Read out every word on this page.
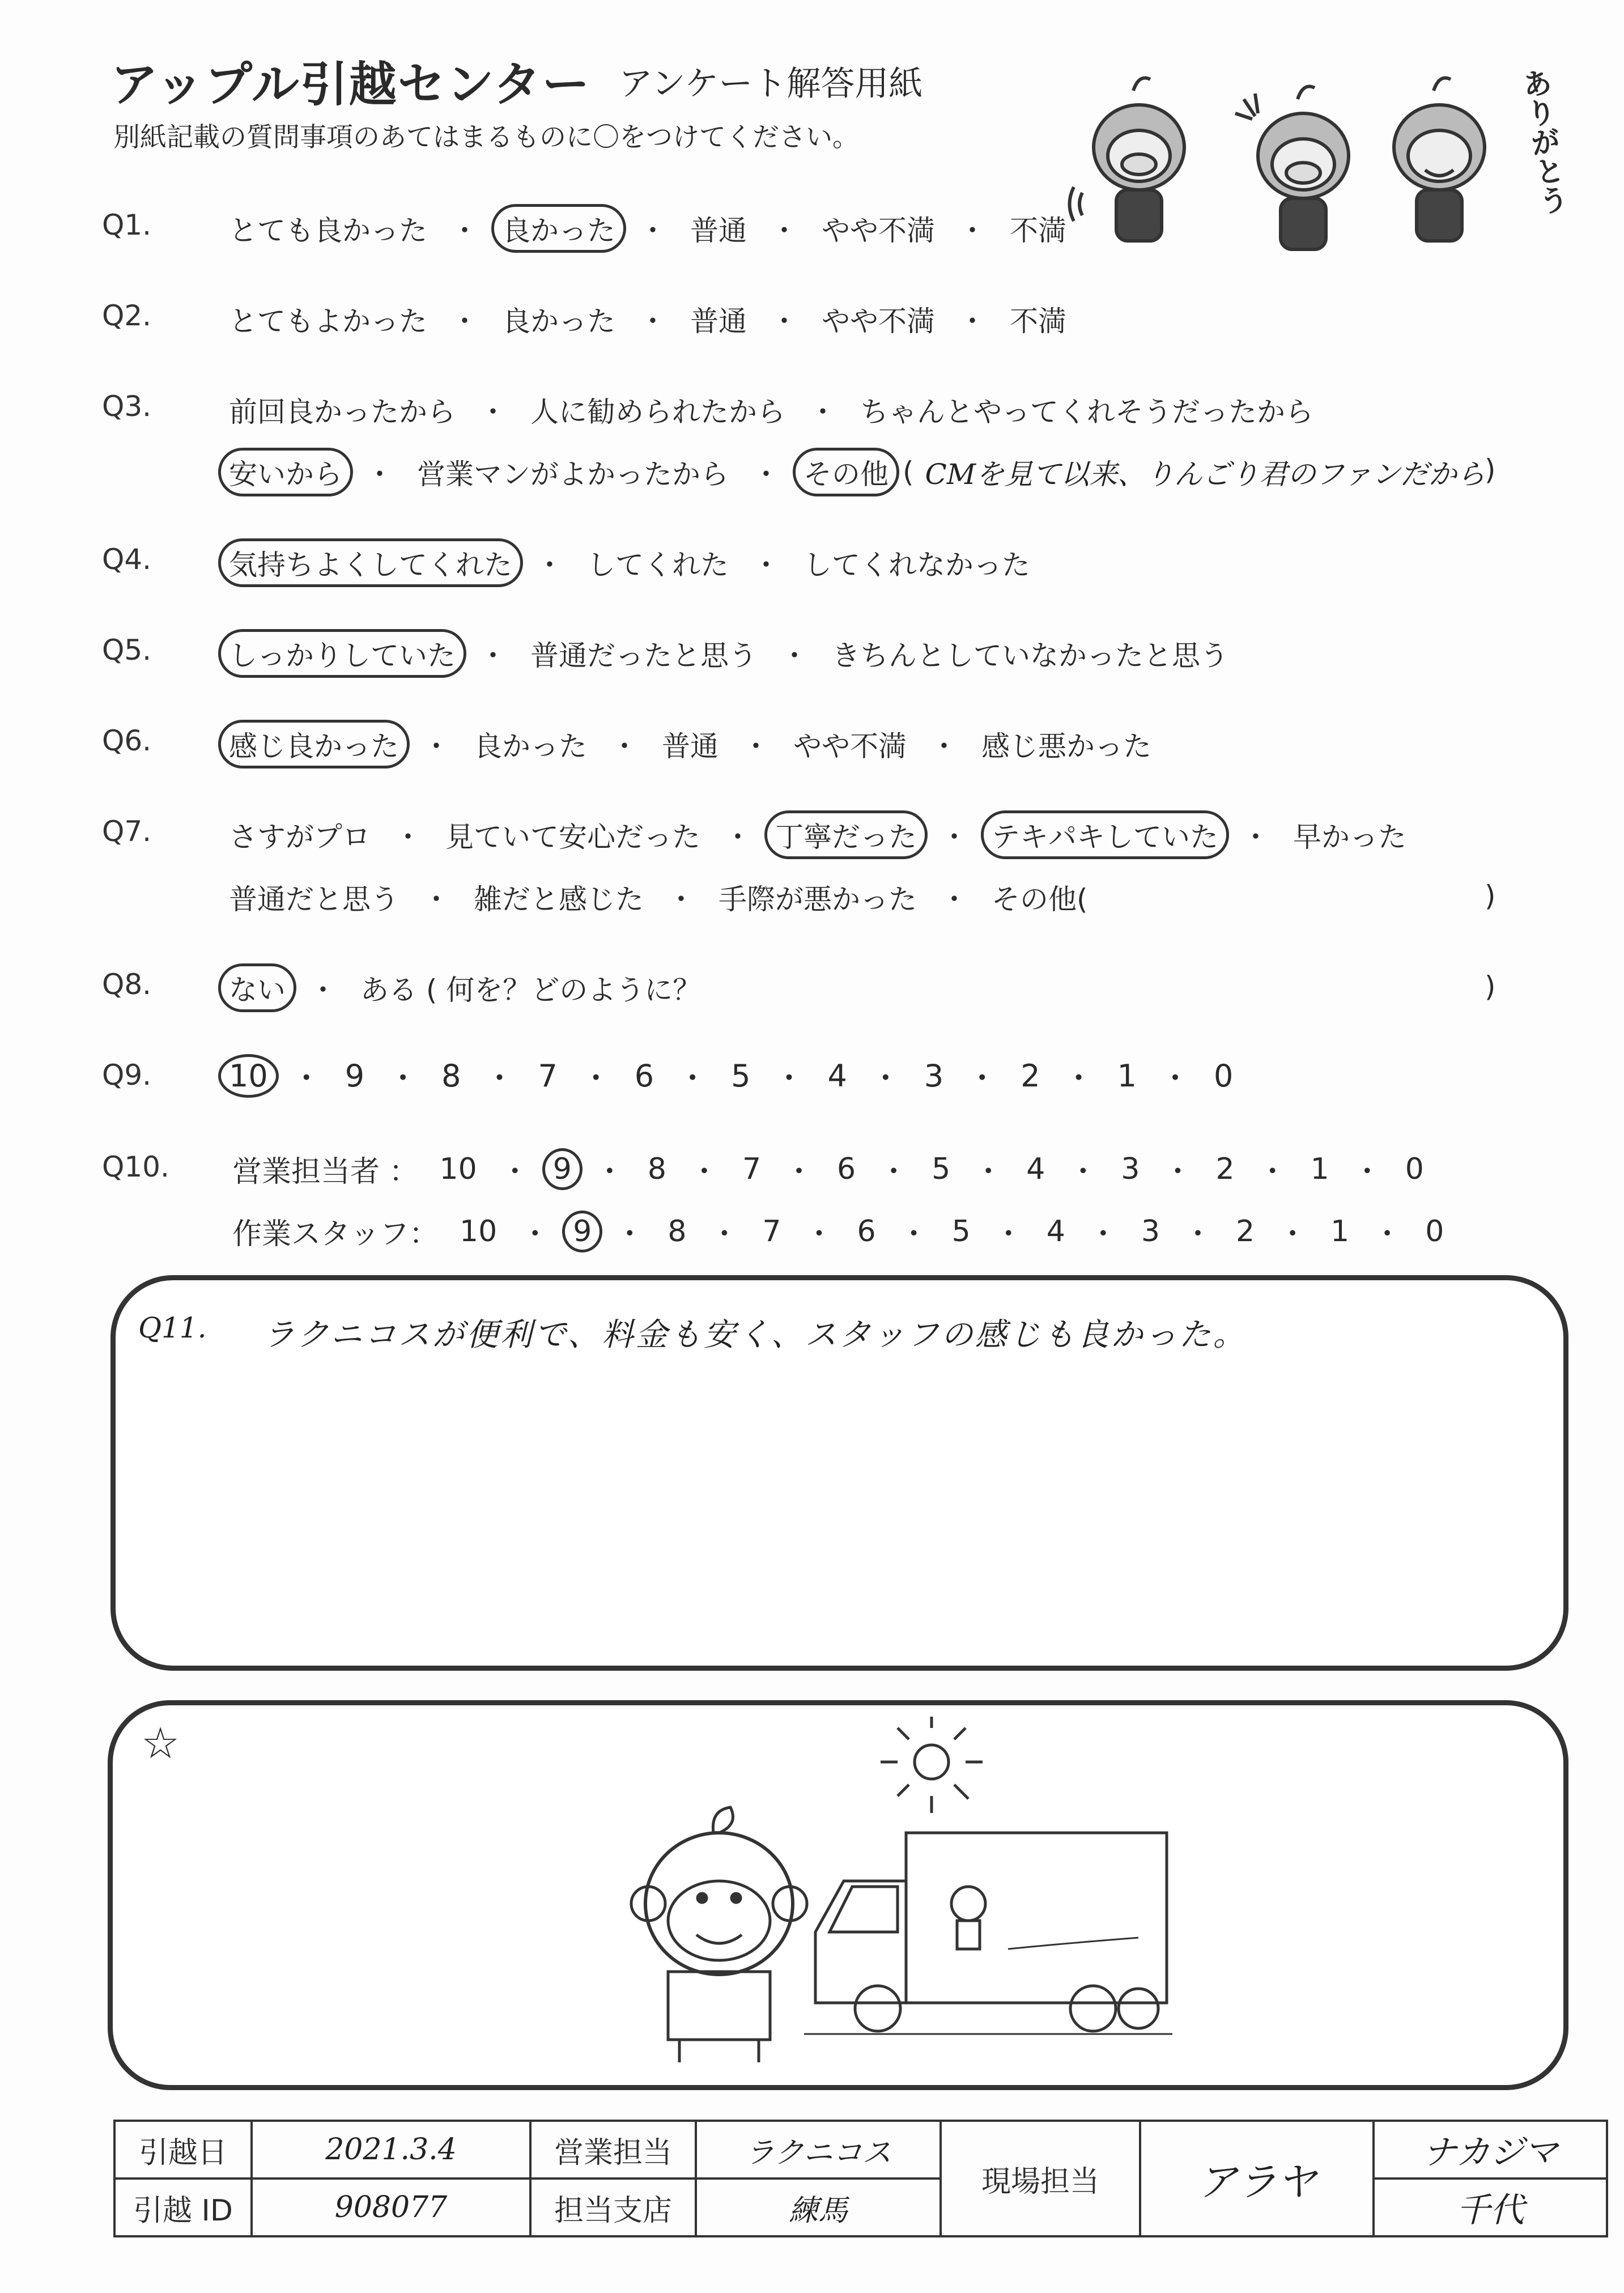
アップル引越センター アンケート解答用紙
別紙記載の質問事項のあてはまるものに〇をつけてください。	ありがとう
Q1.	とても良かった ・ 良かった ・ 普通 ・ やや不満 ・ 不満
Q2.	とてもよかった ・ 良かった ・ 普通 ・ やや不満 ・ 不満
Q3.	前回良かったから ・ 人に勧められたから ・ ちゃんとやってくれそうだったから
安いから ・ 営業マンがよかったから ・ その他 ( CMを見て以来、りんごり君のファンだから )
Q4.	気持ちよくしてくれた ・ してくれた ・ してくれなかった
Q5.	しっかりしていた ・ 普通だったと思う ・ きちんとしていなかったと思う
Q6.	感じ良かった ・ 良かった ・ 普通 ・ やや不満 ・ 感じ悪かった
Q7.	さすがプロ ・ 見ていて安心だった ・ 丁寧だった ・ テキパキしていた ・ 早かった
普通だと思う ・ 雑だと感じた ・ 手際が悪かった ・ その他(	)
Q8.	ない ・ ある ( 何を？どのように？	)
Q9.	10 ・ 9 ・ 8 ・ 7 ・ 6 ・ 5 ・ 4 ・ 3 ・ 2 ・ 1 ・ 0
Q10. 営業担当者 ： 10 ・ 9 ・ 8 ・ 7 ・ 6 ・ 5 ・ 4 ・ 3 ・ 2 ・ 1 ・ 0
作業スタッフ： 10 ・ 9 ・ 8 ・ 7 ・ 6 ・ 5 ・ 4 ・ 3 ・ 2 ・ 1 ・ 0
Q11. ラクニコスが便利で、料金も安く、スタッフの感じも良かった。
☆
引越日	2021.3.4	営業担当	ラクニコス	現場担当	アラヤ	ナカジマ
引越 ID	908077	担当支店	練馬			千代
